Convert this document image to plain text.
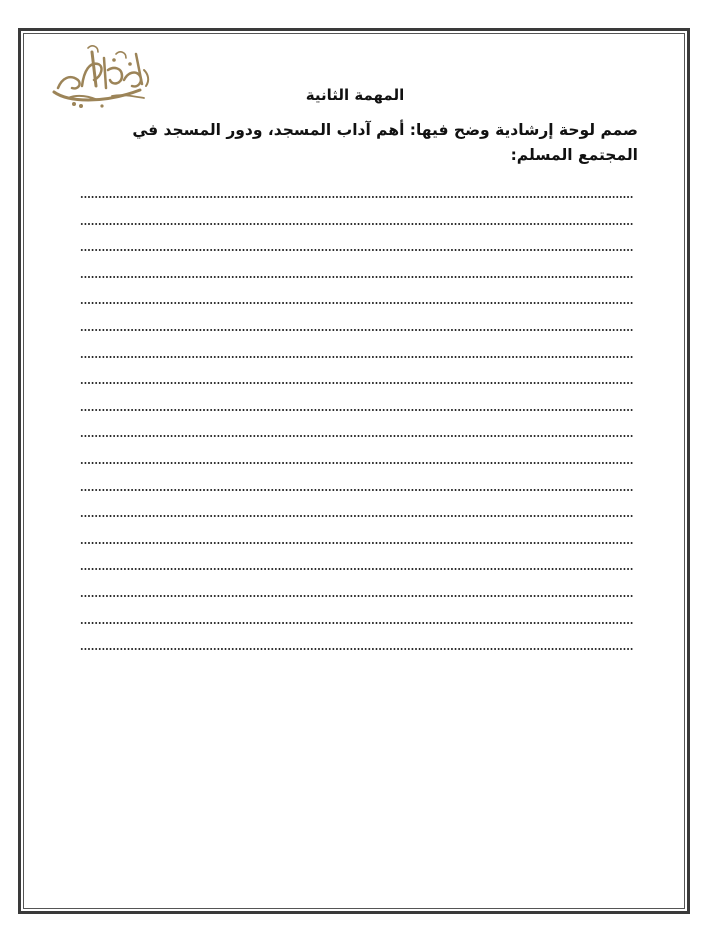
المهمة الثانية
صمم لوحة إرشادية وضح فيها: أهم آداب المسجد، ودور المسجد في المجتمع المسلم:
